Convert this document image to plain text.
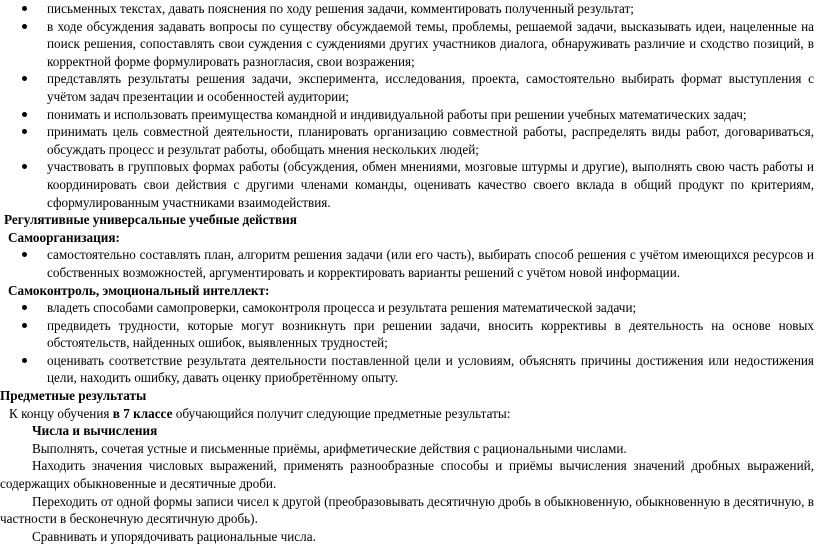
письменных текстах, давать пояснения по ходу решения задачи, комментировать полученный результат;
в ходе обсуждения задавать вопросы по существу обсуждаемой темы, проблемы, решаемой задачи, высказывать идеи, нацеленные на поиск решения, сопоставлять свои суждения с суждениями других участников диалога, обнаруживать различие и сходство позиций, в корректной форме формулировать разногласия, свои возражения;
представлять результаты решения задачи, эксперимента, исследования, проекта, самостоятельно выбирать формат выступления с учётом задач презентации и особенностей аудитории;
понимать и использовать преимущества командной и индивидуальной работы при решении учебных математических задач;
принимать цель совместной деятельности, планировать организацию совместной работы, распределять виды работ, договариваться, обсуждать процесс и результат работы, обобщать мнения нескольких людей;
участвовать в групповых формах работы (обсуждения, обмен мнениями, мозговые штурмы и другие), выполнять свою часть работы и координировать свои действия с другими членами команды, оценивать качество своего вклада в общий продукт по критериям, сформулированным участниками взаимодействия.
Регулятивные универсальные учебные действия
Самоорганизация:
самостоятельно составлять план, алгоритм решения задачи (или его часть), выбирать способ решения с учётом имеющихся ресурсов и собственных возможностей, аргументировать и корректировать варианты решений с учётом новой информации.
Самоконтроль, эмоциональный интеллект:
владеть способами самопроверки, самоконтроля процесса и результата решения математической задачи;
предвидеть трудности, которые могут возникнуть при решении задачи, вносить коррективы в деятельность на основе новых обстоятельств, найденных ошибок, выявленных трудностей;
оценивать соответствие результата деятельности поставленной цели и условиям, объяснять причины достижения или недостижения цели, находить ошибку, давать оценку приобретённому опыту.
Предметные результаты
К концу обучения в 7 классе обучающийся получит следующие предметные результаты:
Числа и вычисления
Выполнять, сочетая устные и письменные приёмы, арифметические действия с рациональными числами.
Находить значения числовых выражений, применять разнообразные способы и приёмы вычисления значений дробных выражений, содержащих обыкновенные и десятичные дроби.
Переходить от одной формы записи чисел к другой (преобразовывать десятичную дробь в обыкновенную, обыкновенную в десятичную, в частности в бесконечную десятичную дробь).
Сравнивать и упорядочивать рациональные числа.
